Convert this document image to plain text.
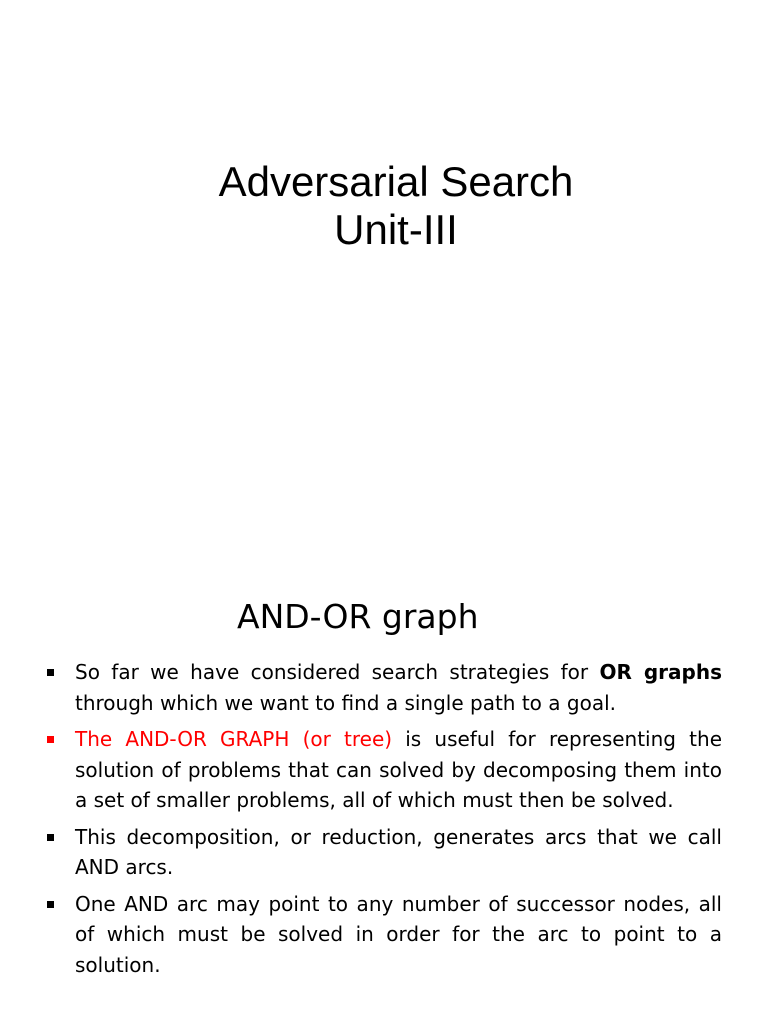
Adversarial Search
Unit-III
AND-OR graph
So far we have considered search strategies for OR graphs through which we want to find a single path to a goal.
The AND-OR GRAPH (or tree) is useful for representing the solution of problems that can solved by decomposing them into a set of smaller problems, all of which must then be solved.
This decomposition, or reduction, generates arcs that we call AND arcs.
One AND arc may point to any number of successor nodes, all of which must be solved in order for the arc to point to a solution.
